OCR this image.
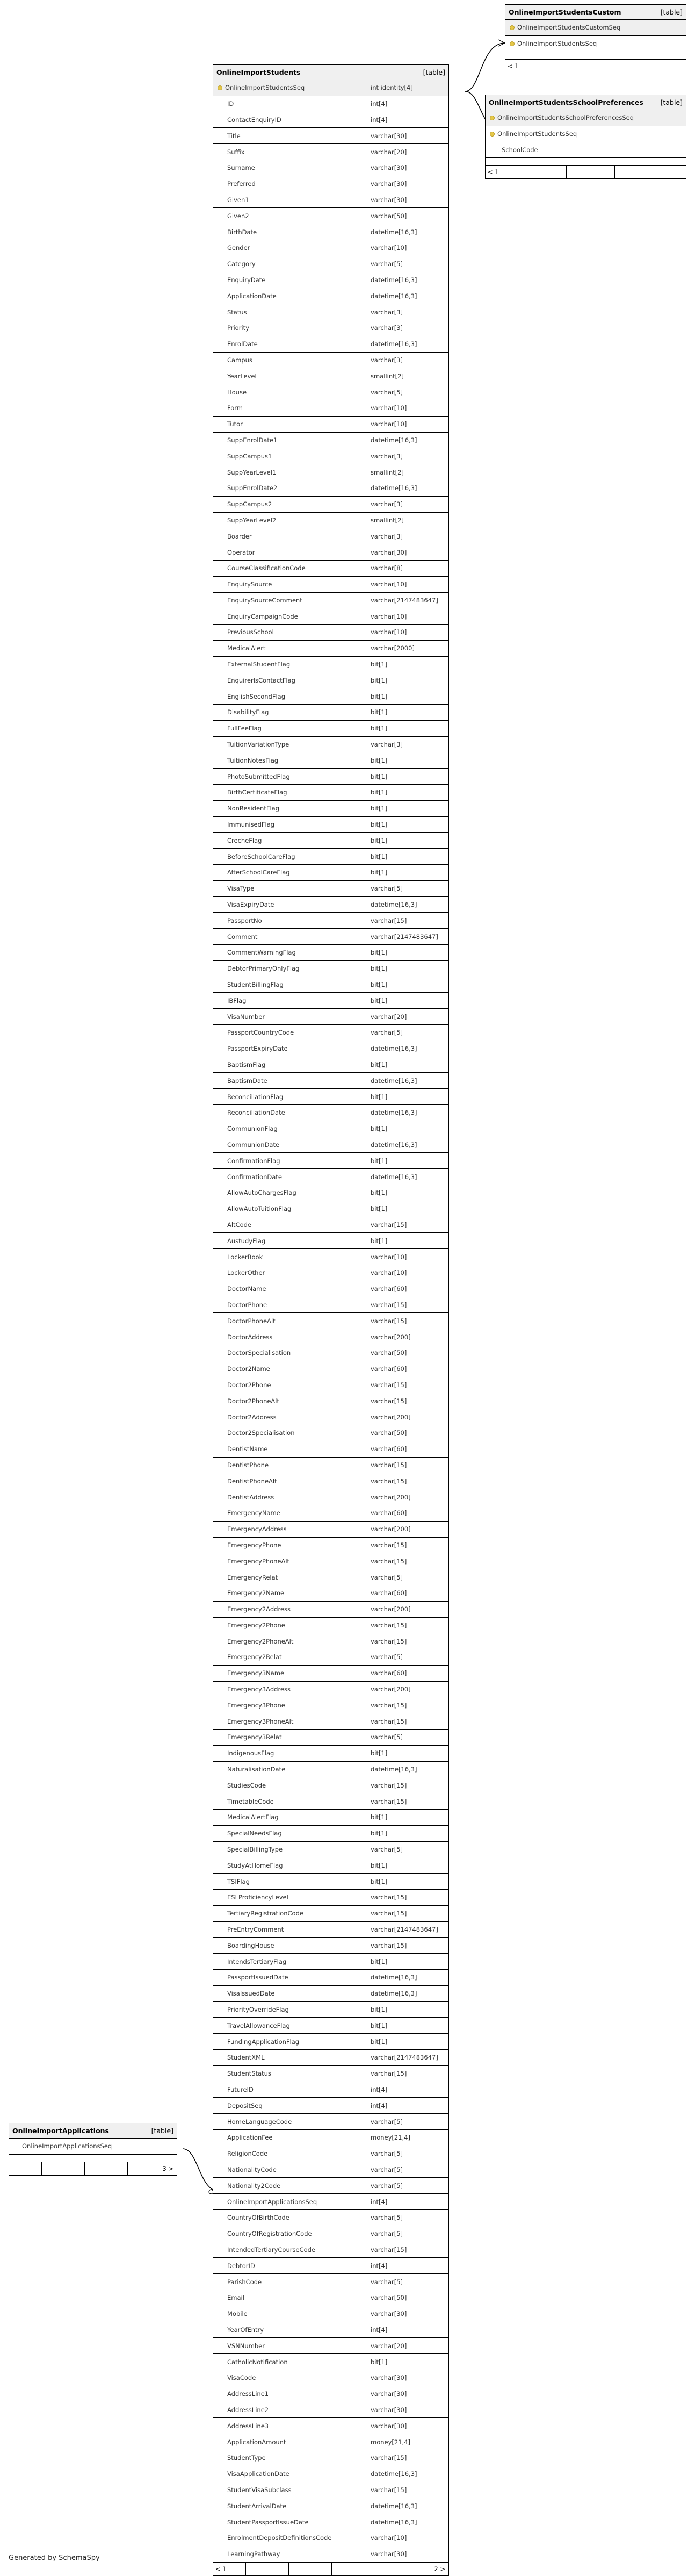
OnlineImportStudentsCustom	[table]
OnlineImportStudentsCustomSeq
OnlineImportStudentsSeq
< 1
OnlineImportStudentsSchoolPreferences	[table]
OnlineImportStudentsSchoolPreferencesSeq
OnlineImportStudentsSeq
SchoolCode
< 1
OnlineImportStudents	[table]
OnlineImportStudentsSeq	int identity[4]
ID	int[4]
ContactEnquiryID	int[4]
Title	varchar[30]
Suffix	varchar[20]
Surname	varchar[30]
Preferred	varchar[30]
Given1	varchar[30]
Given2	varchar[50]
BirthDate	datetime[16,3]
Gender	varchar[10]
Category	varchar[5]
EnquiryDate	datetime[16,3]
ApplicationDate	datetime[16,3]
Status	varchar[3]
Priority	varchar[3]
EnrolDate	datetime[16,3]
Campus	varchar[3]
YearLevel	smallint[2]
House	varchar[5]
Form	varchar[10]
Tutor	varchar[10]
SuppEnrolDate1	datetime[16,3]
SuppCampus1	varchar[3]
SuppYearLevel1	smallint[2]
SuppEnrolDate2	datetime[16,3]
SuppCampus2	varchar[3]
SuppYearLevel2	smallint[2]
Boarder	varchar[3]
Operator	varchar[30]
CourseClassificationCode	varchar[8]
EnquirySource	varchar[10]
EnquirySourceComment	varchar[2147483647]
EnquiryCampaignCode	varchar[10]
PreviousSchool	varchar[10]
MedicalAlert	varchar[2000]
ExternalStudentFlag	bit[1]
EnquirerIsContactFlag	bit[1]
EnglishSecondFlag	bit[1]
DisabilityFlag	bit[1]
FullFeeFlag	bit[1]
TuitionVariationType	varchar[3]
TuitionNotesFlag	bit[1]
PhotoSubmittedFlag	bit[1]
BirthCertificateFlag	bit[1]
NonResidentFlag	bit[1]
ImmunisedFlag	bit[1]
CrecheFlag	bit[1]
BeforeSchoolCareFlag	bit[1]
AfterSchoolCareFlag	bit[1]
VisaType	varchar[5]
VisaExpiryDate	datetime[16,3]
PassportNo	varchar[15]
Comment	varchar[2147483647]
CommentWarningFlag	bit[1]
DebtorPrimaryOnlyFlag	bit[1]
StudentBillingFlag	bit[1]
IBFlag	bit[1]
VisaNumber	varchar[20]
PassportCountryCode	varchar[5]
PassportExpiryDate	datetime[16,3]
BaptismFlag	bit[1]
BaptismDate	datetime[16,3]
ReconciliationFlag	bit[1]
ReconciliationDate	datetime[16,3]
CommunionFlag	bit[1]
CommunionDate	datetime[16,3]
ConfirmationFlag	bit[1]
ConfirmationDate	datetime[16,3]
AllowAutoChargesFlag	bit[1]
AllowAutoTuitionFlag	bit[1]
AltCode	varchar[15]
AustudyFlag	bit[1]
LockerBook	varchar[10]
LockerOther	varchar[10]
DoctorName	varchar[60]
DoctorPhone	varchar[15]
DoctorPhoneAlt	varchar[15]
DoctorAddress	varchar[200]
DoctorSpecialisation	varchar[50]
Doctor2Name	varchar[60]
Doctor2Phone	varchar[15]
Doctor2PhoneAlt	varchar[15]
Doctor2Address	varchar[200]
Doctor2Specialisation	varchar[50]
DentistName	varchar[60]
DentistPhone	varchar[15]
DentistPhoneAlt	varchar[15]
DentistAddress	varchar[200]
EmergencyName	varchar[60]
EmergencyAddress	varchar[200]
EmergencyPhone	varchar[15]
EmergencyPhoneAlt	varchar[15]
EmergencyRelat	varchar[5]
Emergency2Name	varchar[60]
Emergency2Address	varchar[200]
Emergency2Phone	varchar[15]
Emergency2PhoneAlt	varchar[15]
Emergency2Relat	varchar[5]
Emergency3Name	varchar[60]
Emergency3Address	varchar[200]
Emergency3Phone	varchar[15]
Emergency3PhoneAlt	varchar[15]
Emergency3Relat	varchar[5]
IndigenousFlag	bit[1]
NaturalisationDate	datetime[16,3]
StudiesCode	varchar[15]
TimetableCode	varchar[15]
MedicalAlertFlag	bit[1]
SpecialNeedsFlag	bit[1]
SpecialBillingType	varchar[5]
StudyAtHomeFlag	bit[1]
TSIFlag	bit[1]
ESLProficiencyLevel	varchar[15]
TertiaryRegistrationCode	varchar[15]
PreEntryComment	varchar[2147483647]
BoardingHouse	varchar[15]
IntendsTertiaryFlag	bit[1]
PassportIssuedDate	datetime[16,3]
VisaIssuedDate	datetime[16,3]
PriorityOverrideFlag	bit[1]
TravelAllowanceFlag	bit[1]
FundingApplicationFlag	bit[1]
StudentXML	varchar[2147483647]
StudentStatus	varchar[15]
FutureID	int[4]
DepositSeq	int[4]
HomeLanguageCode	varchar[5]
ApplicationFee	money[21,4]
ReligionCode	varchar[5]
NationalityCode	varchar[5]
Nationality2Code	varchar[5]
OnlineImportApplicationsSeq	int[4]
CountryOfBirthCode	varchar[5]
CountryOfRegistrationCode	varchar[5]
IntendedTertiaryCourseCode	varchar[15]
DebtorID	int[4]
ParishCode	varchar[5]
Email	varchar[50]
Mobile	varchar[30]
YearOfEntry	int[4]
VSNNumber	varchar[20]
CatholicNotification	bit[1]
VisaCode	varchar[30]
AddressLine1	varchar[30]
AddressLine2	varchar[30]
AddressLine3	varchar[30]
ApplicationAmount	money[21,4]
StudentType	varchar[15]
VisaApplicationDate	datetime[16,3]
StudentVisaSubclass	varchar[15]
StudentArrivalDate	datetime[16,3]
StudentPassportIssueDate	datetime[16,3]
EnrolmentDepositDefinitionsCode	varchar[10]
LearningPathway	varchar[30]
< 1	2 >
OnlineImportApplications	[table]
OnlineImportApplicationsSeq
3 >
Generated by SchemaSpy
